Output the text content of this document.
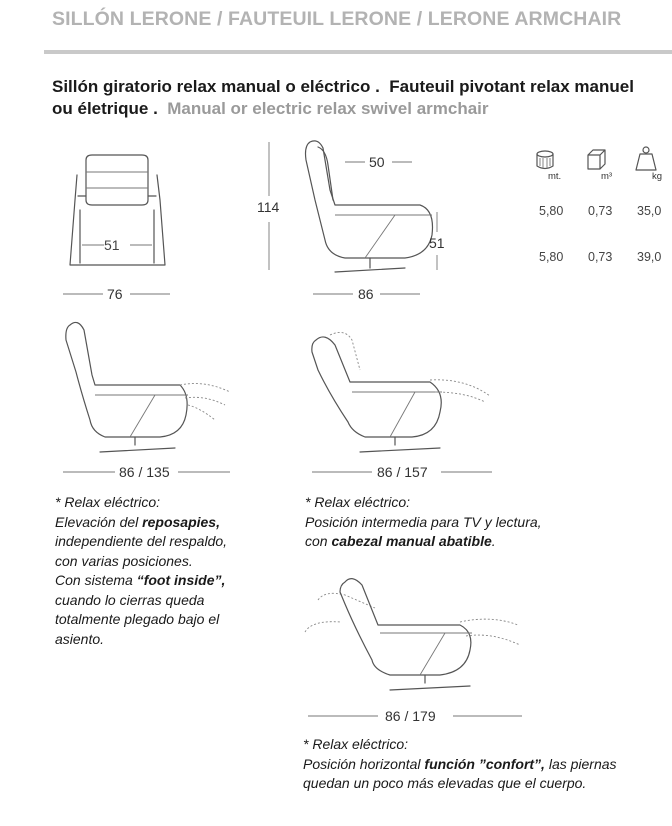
SILLÓN LERONE / FAUTEUIL LERONE / LERONE ARMCHAIR
Sillón giratorio relax manual o eléctrico . Fauteuil pivotant relax manuel
ou életrique . Manual or electric relax swivel armchair
51
76
114
50
51
86
86 / 135	86 / 157
86 / 179
mt.	m³	kg
5,80 0,73 35,0
5,80 0,73 39,0
* Relax eléctrico:
Elevación del reposapies,
independiente del respaldo,
con varias posiciones.
Con sistema “foot inside”,
cuando lo cierras queda
totalmente plegado bajo el
asiento.
* Relax eléctrico:
Posición intermedia para TV y lectura,
con cabezal manual abatible.
* Relax eléctrico:
Posición horizontal función ”confort”, las piernas
quedan un poco más elevadas que el cuerpo.
